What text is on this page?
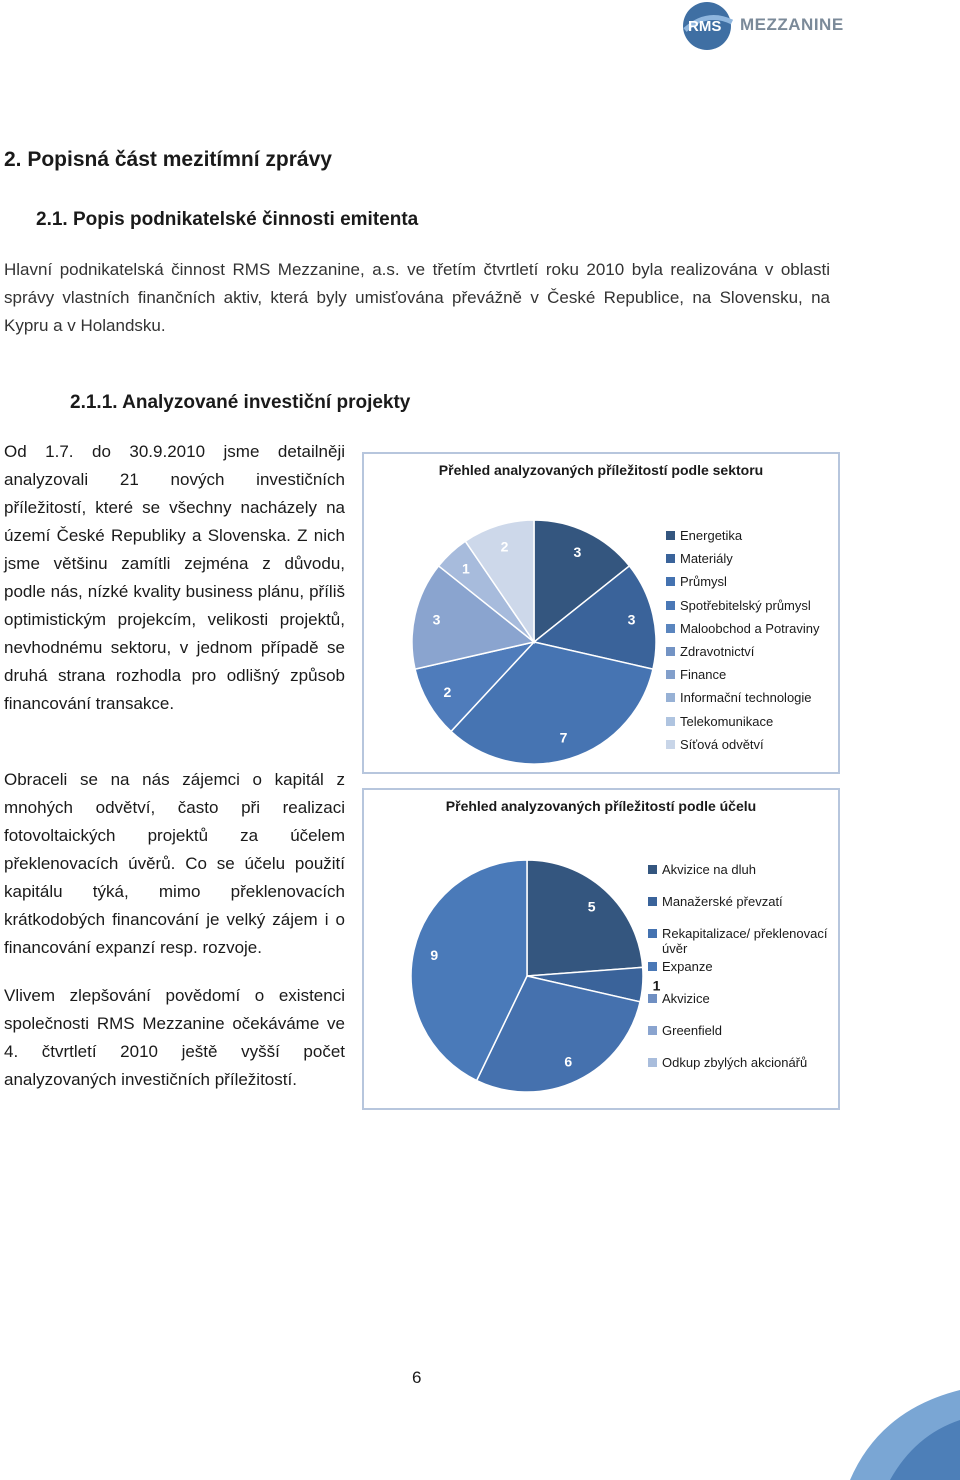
RMS MEZZANINE
2. Popisná část mezitímní zprávy
2.1. Popis podnikatelské činnosti emitenta

Hlavní podnikatelská činnost RMS Mezzanine, a.s. ve třetím čtvrtletí roku 2010 byla realizována v oblasti správy vlastních finančních aktiv, která byly umisťována převážně v České Republice, na Slovensku, na Kypru a v Holandsku.

2.1.1. Analyzované investiční projekty

Od 1.7. do 30.9.2010 jsme detailněji analyzovali 21 nových investičních příležitostí, které se všechny nacházely na území České Republiky a Slovenska. Z nich jsme většinu zamítli zejména z důvodu, podle nás, nízké kvality business plánu, příliš optimistickým projekcím, velikosti projektů, nevhodnému sektoru, v jednom případě se druhá strana rozhodla pro odlišný způsob financování transakce.

Obraceli se na nás zájemci o kapitál z mnohých odvětví, často při realizaci fotovoltaických projektů za účelem překlenovacích úvěrů. Co se účelu použití kapitálu týká, mimo překlenovacích krátkodobých financování je velký zájem i o financování expanzí resp. rozvoje.

Vlivem zlepšování povědomí o existenci společnosti RMS Mezzanine očekáváme ve 4. čtvrtletí 2010 ještě vyšší počet analyzovaných investičních příležitostí.

Přehled analyzovaných příležitostí podle sektoru
3
3
7
2
3
1
2
Energetika
Materiály
Průmysl
Spotřebitelský průmysl
Maloobchod a Potraviny
Zdravotnictví
Finance
Informační technologie
Telekomunikace
Síťová odvětví
Přehled analyzovaných příležitostí podle účelu
5
1
6
9
Akvizice na dluh
Manažerské převzatí
Rekapitalizace/ překlenovací úvěr
Expanze
Akvizice
Greenfield
Odkup zbylých akcionářů
6
